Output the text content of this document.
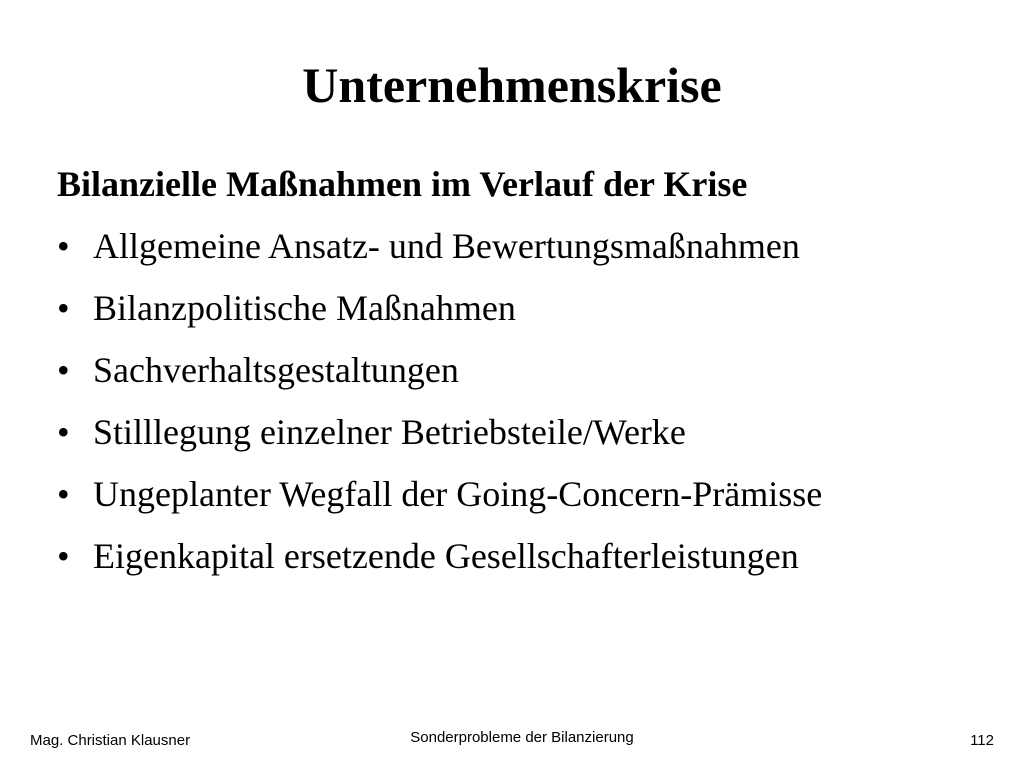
Unternehmenskrise
Bilanzielle Maßnahmen im Verlauf der Krise
• Allgemeine Ansatz- und Bewertungsmaßnahmen
• Bilanzpolitische Maßnahmen
• Sachverhaltsgestaltungen
• Stilllegung einzelner Betriebsteile/Werke
• Ungeplanter Wegfall der Going-Concern-Prämisse
• Eigenkapital ersetzende Gesellschafterleistungen
Mag. Christian Klausner	Sonderprobleme der Bilanzierung	112
